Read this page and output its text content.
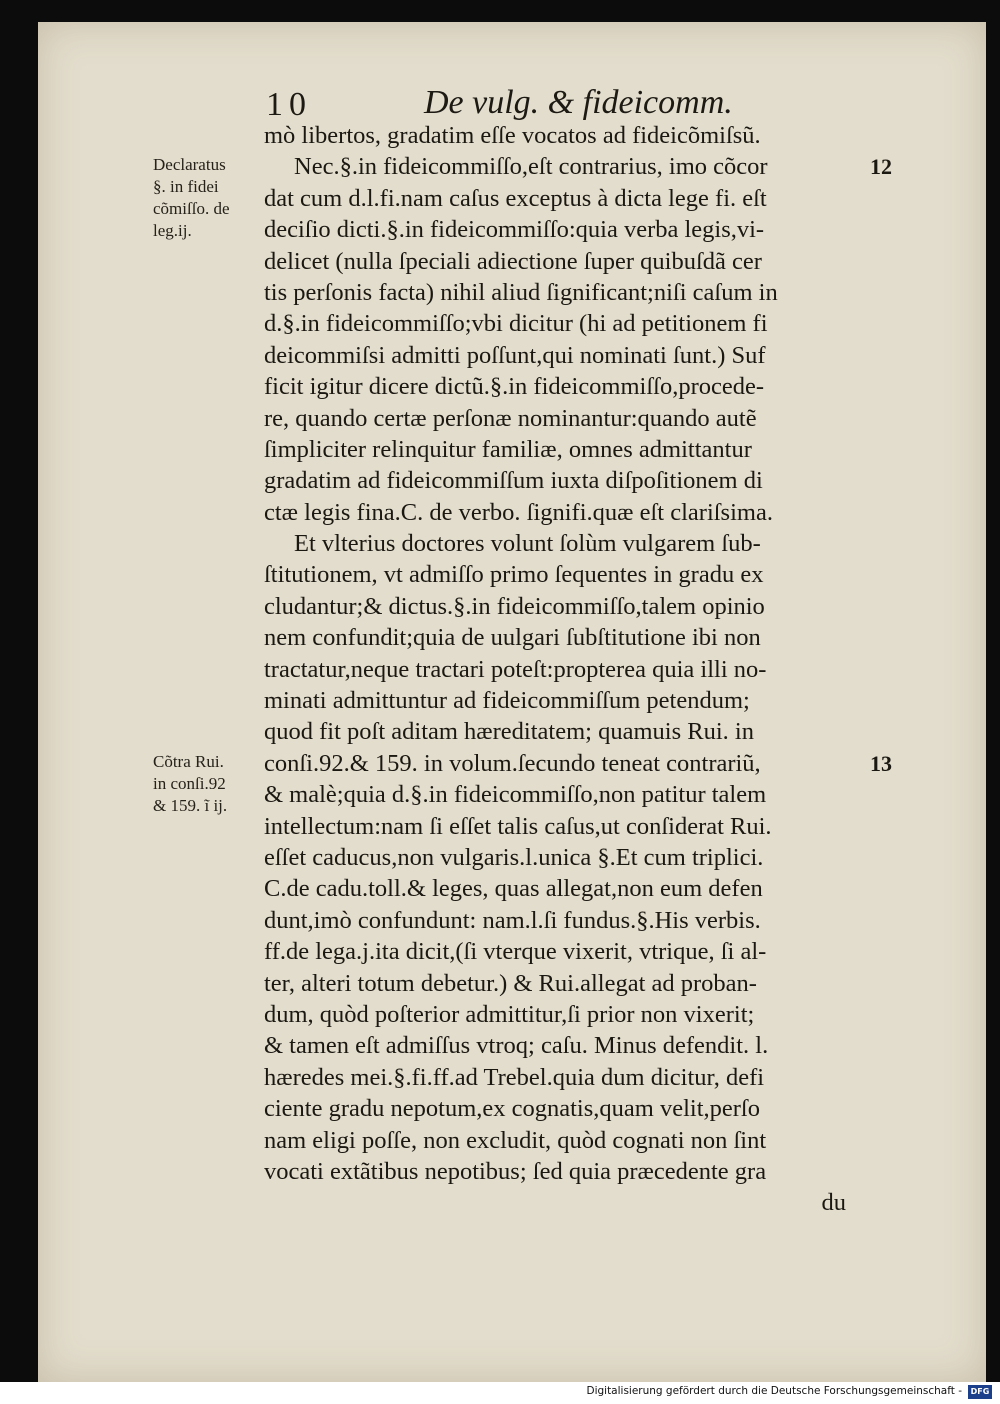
10	De vulg. & fideicomm.
mò libertos, gradatim eſſe vocatos ad fideicõmiſsũ.
Nec.§.in fideicommiſſo,eſt contrarius, imo cõcor
dat cum d.l.fi.nam caſus exceptus à dicta lege fi. eſt
deciſio dicti.§.in fideicommiſſo:quia verba legis,vi-
delicet (nulla ſpeciali adiectione ſuper quibuſdã cer
tis perſonis facta) nihil aliud ſignificant;niſi caſum in
d.§.in fideicommiſſo;vbi dicitur (hi ad petitionem fi
deicommiſsi admitti poſſunt,qui nominati ſunt.) Suf
ficit igitur dicere dictũ.§.in fideicommiſſo,procede-
re, quando certæ perſonæ nominantur:quando autẽ
ſimpliciter relinquitur familiæ, omnes admittantur
gradatim ad fideicommiſſum iuxta diſpoſitionem di
ctæ legis fina.C. de verbo. ſignifi.quæ eſt clariſsima.
Et vlterius doctores volunt ſolùm vulgarem ſub-
ſtitutionem, vt admiſſo primo ſequentes in gradu ex
cludantur;& dictus.§.in fideicommiſſo,talem opinio
nem confundit;quia de uulgari ſubſtitutione ibi non
tractatur,neque tractari poteſt:propterea quia illi no-
minati admittuntur ad fideicommiſſum petendum;
quod fit poſt aditam hæreditatem; quamuis Rui. in
conſi.92.& 159. in volum.ſecundo teneat contrariũ,
& malè;quia d.§.in fideicommiſſo,non patitur talem
intellectum:nam ſi eſſet talis caſus,ut conſiderat Rui.
eſſet caducus,non vulgaris.l.unica §.Et cum triplici.
C.de cadu.toll.& leges, quas allegat,non eum defen
dunt,imò confundunt: nam.l.ſi fundus.§.His verbis.
ff.de lega.j.ita dicit,(ſi vterque vixerit, vtrique, ſi al-
ter, alteri totum debetur.) & Rui.allegat ad proban-
dum, quòd poſterior admittitur,ſi prior non vixerit;
& tamen eſt admiſſus vtroq; caſu. Minus defendit. l.
hæredes mei.§.fi.ff.ad Trebel.quia dum dicitur, defi
ciente gradu nepotum,ex cognatis,quam velit,perſo
nam eligi poſſe, non excludit, quòd cognati non ſint
vocati extãtibus nepotibus; ſed quia præcedente gra
du
12
13
Declaratus
§. in fidei
cõmiſſo. de
leg.ij.
Cõtra Rui.
in conſi.92
& 159. ĩ ij.
Digitalisierung gefördert durch die Deutsche Forschungsgemeinschaft -	DFG
